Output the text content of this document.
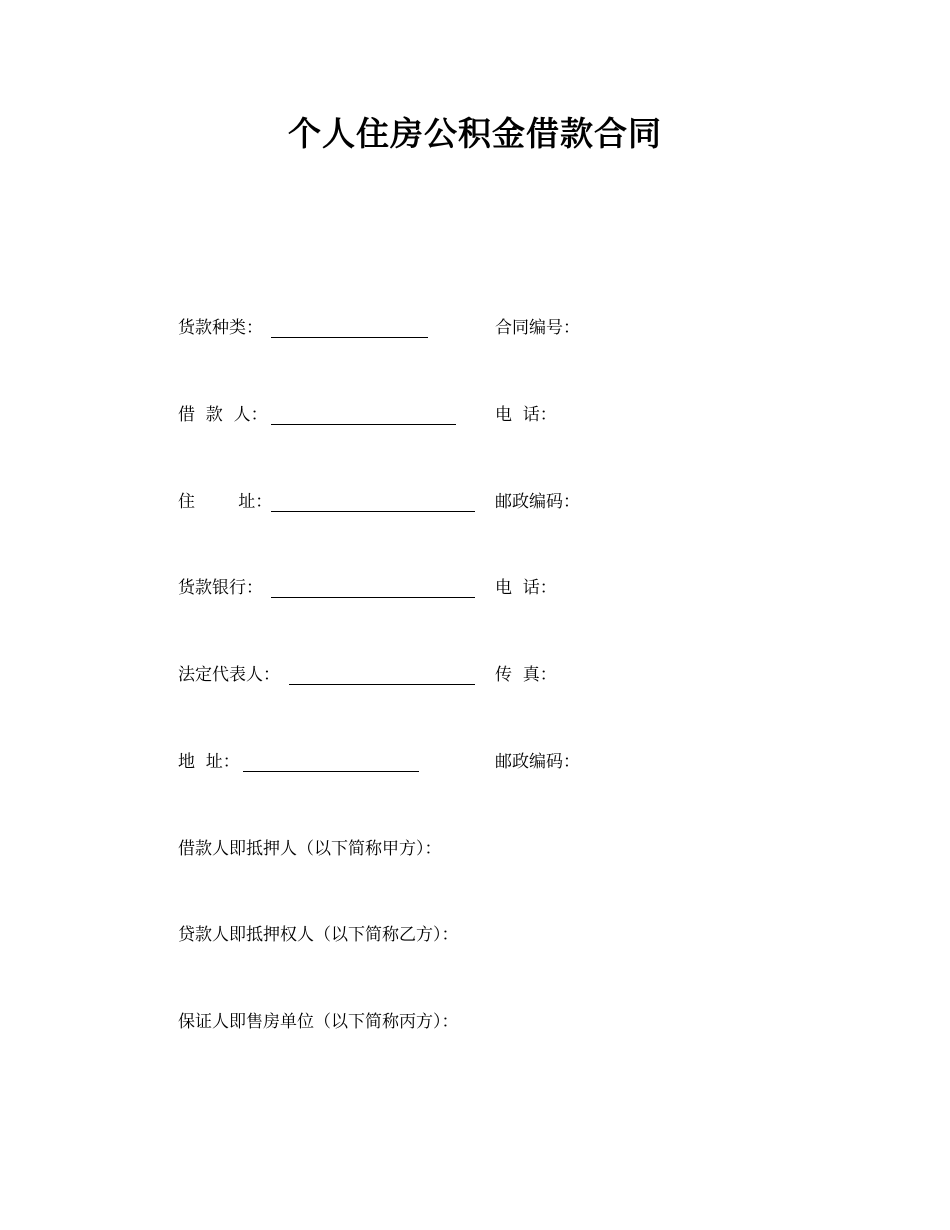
个人住房公积金借款合同
货款种类：	合同编号：
借  款  人：	电  话：
住        址：	邮政编码：
货款银行：	电  话：
法定代表人：	传  真：
地  址：	邮政编码：
借款人即抵押人（以下简称甲方）：
贷款人即抵押权人（以下简称乙方）：
保证人即售房单位（以下简称丙方）：
